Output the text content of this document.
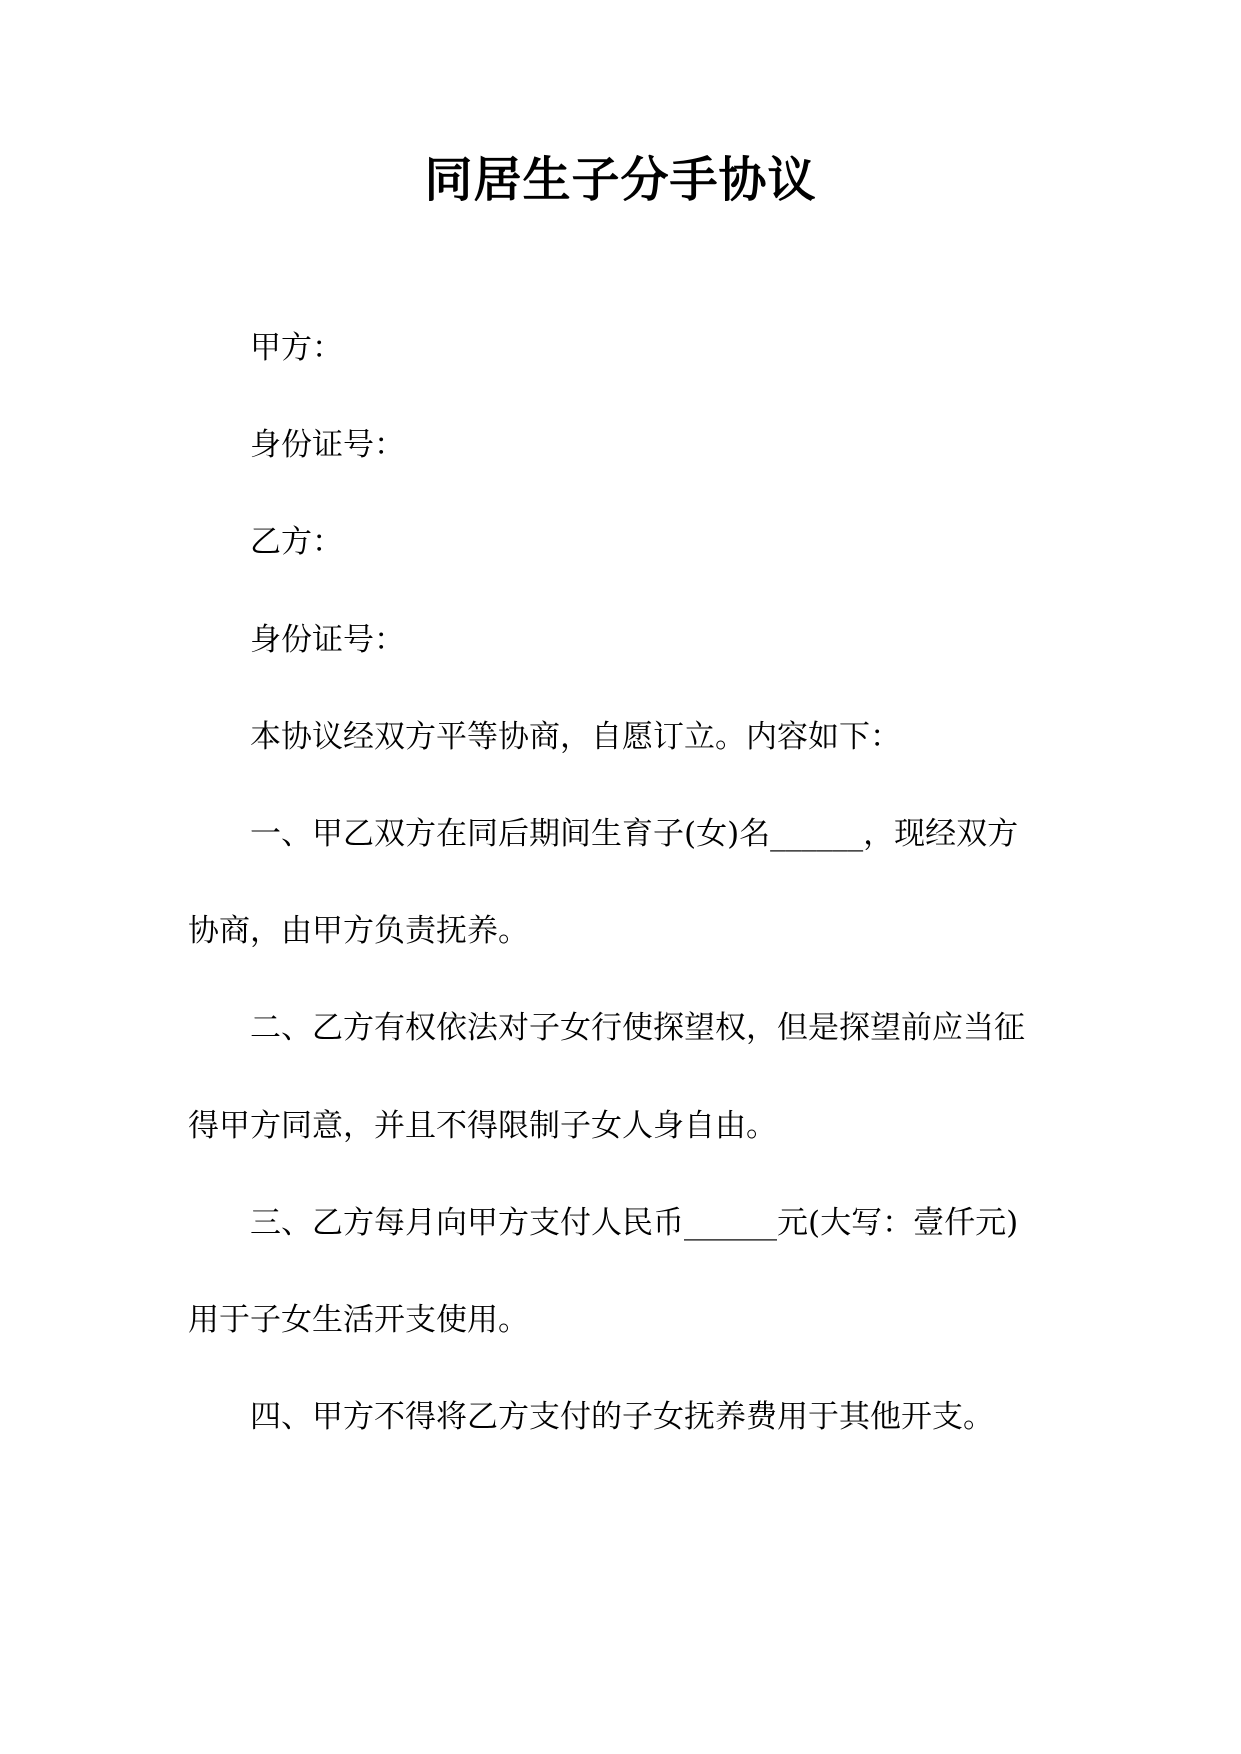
同居生子分手协议

甲方：

身份证号：

乙方：

身份证号：

本协议经双方平等协商，自愿订立。内容如下：

一、甲乙双方在同后期间生育子(女)名______，现经双方协商，由甲方负责抚养。

二、乙方有权依法对子女行使探望权，但是探望前应当征得甲方同意，并且不得限制子女人身自由。

三、乙方每月向甲方支付人民币______元(大写：壹仟元)用于子女生活开支使用。

四、甲方不得将乙方支付的子女抚养费用于其他开支。
